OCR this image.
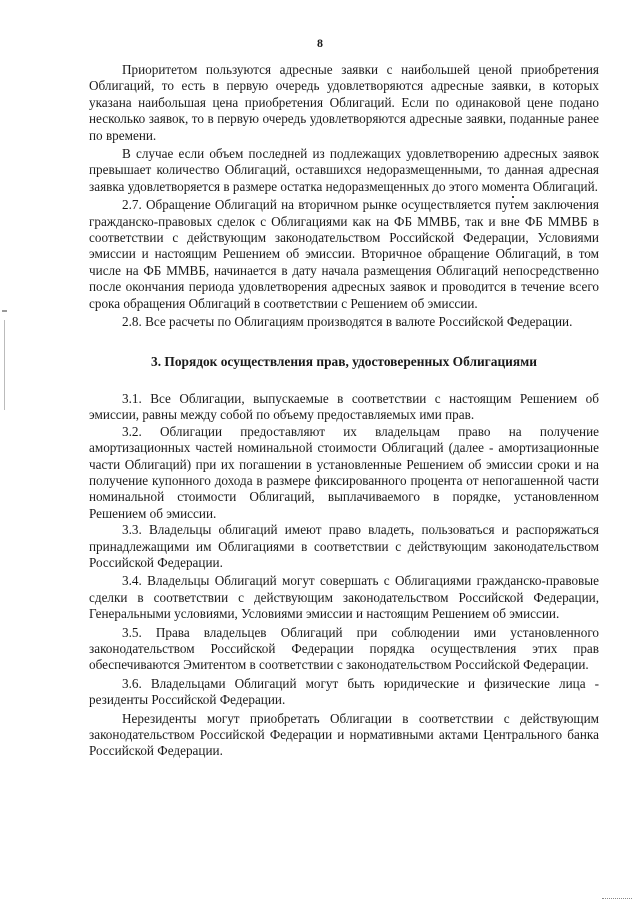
8

Приоритетом пользуются адресные заявки с наибольшей ценой приобретения Облигаций, то есть в первую очередь удовлетворяются адресные заявки, в которых указана наибольшая цена приобретения Облигаций. Если по одинаковой цене подано несколько заявок, то в первую очередь удовлетворяются адресные заявки, поданные ранее по времени.

В случае если объем последней из подлежащих удовлетворению адресных заявок превышает количество Облигаций, оставшихся недоразмещенными, то данная адресная заявка удовлетворяется в размере остатка недоразмещенных до этого момента Облигаций.

2.7. Обращение Облигаций на вторичном рынке осуществляется путем заключения гражданско-правовых сделок с Облигациями как на ФБ ММВБ, так и вне ФБ ММВБ в соответствии с действующим законодательством Российской Федерации, Условиями эмиссии и настоящим Решением об эмиссии. Вторичное обращение Облигаций, в том числе на ФБ ММВБ, начинается в дату начала размещения Облигаций непосредственно после окончания периода удовлетворения адресных заявок и проводится в течение всего срока обращения Облигаций в соответствии с Решением об эмиссии.

2.8. Все расчеты по Облигациям производятся в валюте Российской Федерации.

3. Порядок осуществления прав, удостоверенных Облигациями

3.1. Все Облигации, выпускаемые в соответствии с настоящим Решением об эмиссии, равны между собой по объему предоставляемых ими прав.

3.2. Облигации предоставляют их владельцам право на получение амортизационных частей номинальной стоимости Облигаций (далее - амортизационные части Облигаций) при их погашении в установленные Решением об эмиссии сроки и на получение купонного дохода в размере фиксированного процента от непогашенной части номинальной стоимости Облигаций, выплачиваемого в порядке, установленном Решением об эмиссии.

3.3. Владельцы облигаций имеют право владеть, пользоваться и распоряжаться принадлежащими им Облигациями в соответствии с действующим законодательством Российской Федерации.

3.4. Владельцы Облигаций могут совершать с Облигациями гражданско-правовые сделки в соответствии с действующим законодательством Российской Федерации, Генеральными условиями, Условиями эмиссии и настоящим Решением об эмиссии.

3.5. Права владельцев Облигаций при соблюдении ими установленного законодательством Российской Федерации порядка осуществления этих прав обеспечиваются Эмитентом в соответствии с законодательством Российской Федерации.

3.6. Владельцами Облигаций могут быть юридические и физические лица - резиденты Российской Федерации.

Нерезиденты могут приобретать Облигации в соответствии с действующим законодательством Российской Федерации и нормативными актами Центрального банка Российской Федерации.
